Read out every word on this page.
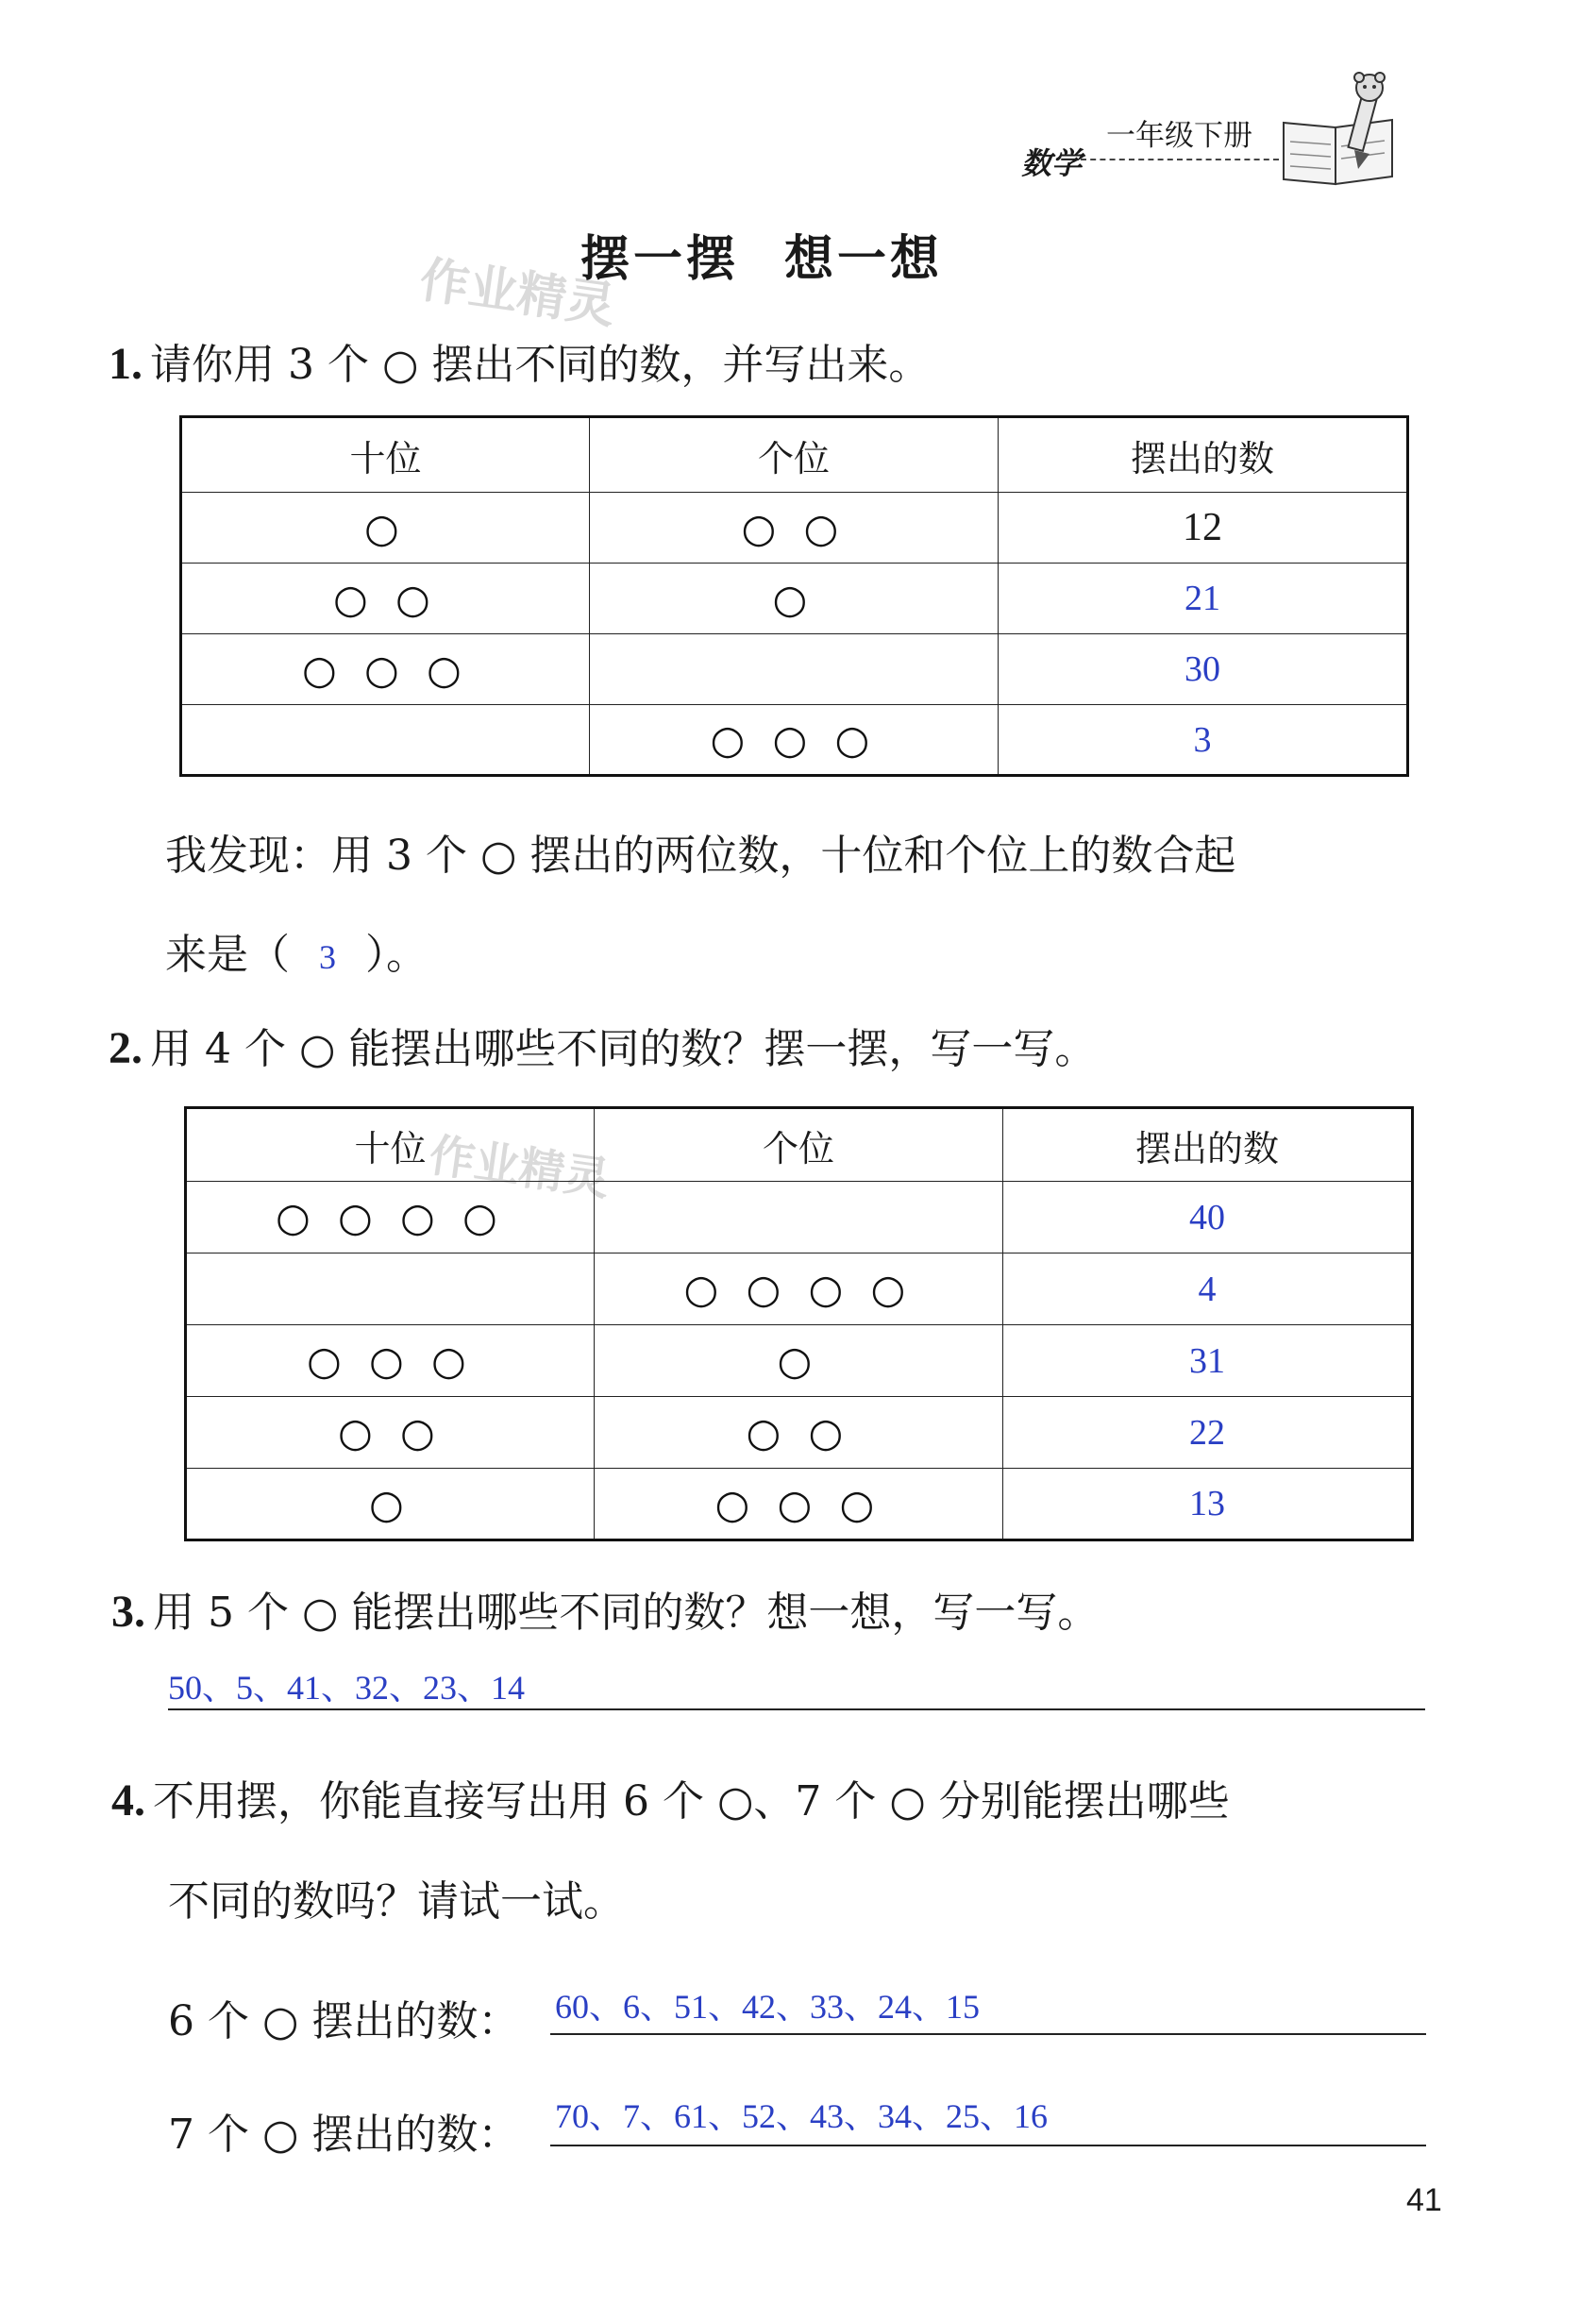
数学
一年级下册
摆一摆 想一想
作业精灵
作业精灵
1. 请你用 3 个 ○ 摆出不同的数，并写出来。
十位	个位	摆出的数
○	○ ○	12
○ ○	○	21
○ ○ ○		30
	○ ○ ○	3
我发现：用 3 个 ○ 摆出的两位数，十位和个位上的数合起
来是（ 3 ）。
2. 用 4 个 ○ 能摆出哪些不同的数？摆一摆，写一写。
十位	个位	摆出的数
○ ○ ○ ○		40
	○ ○ ○ ○	4
○ ○ ○	○	31
○ ○	○ ○	22
○	○ ○ ○	13
3. 用 5 个 ○ 能摆出哪些不同的数？想一想，写一写。
50、5、41、32、23、14
4. 不用摆，你能直接写出用 6 个 ○、7 个 ○ 分别能摆出哪些
不同的数吗？请试一试。
6 个 ○ 摆出的数： 60、6、51、42、33、24、15
7 个 ○ 摆出的数： 70、7、61、52、43、34、25、16
41
